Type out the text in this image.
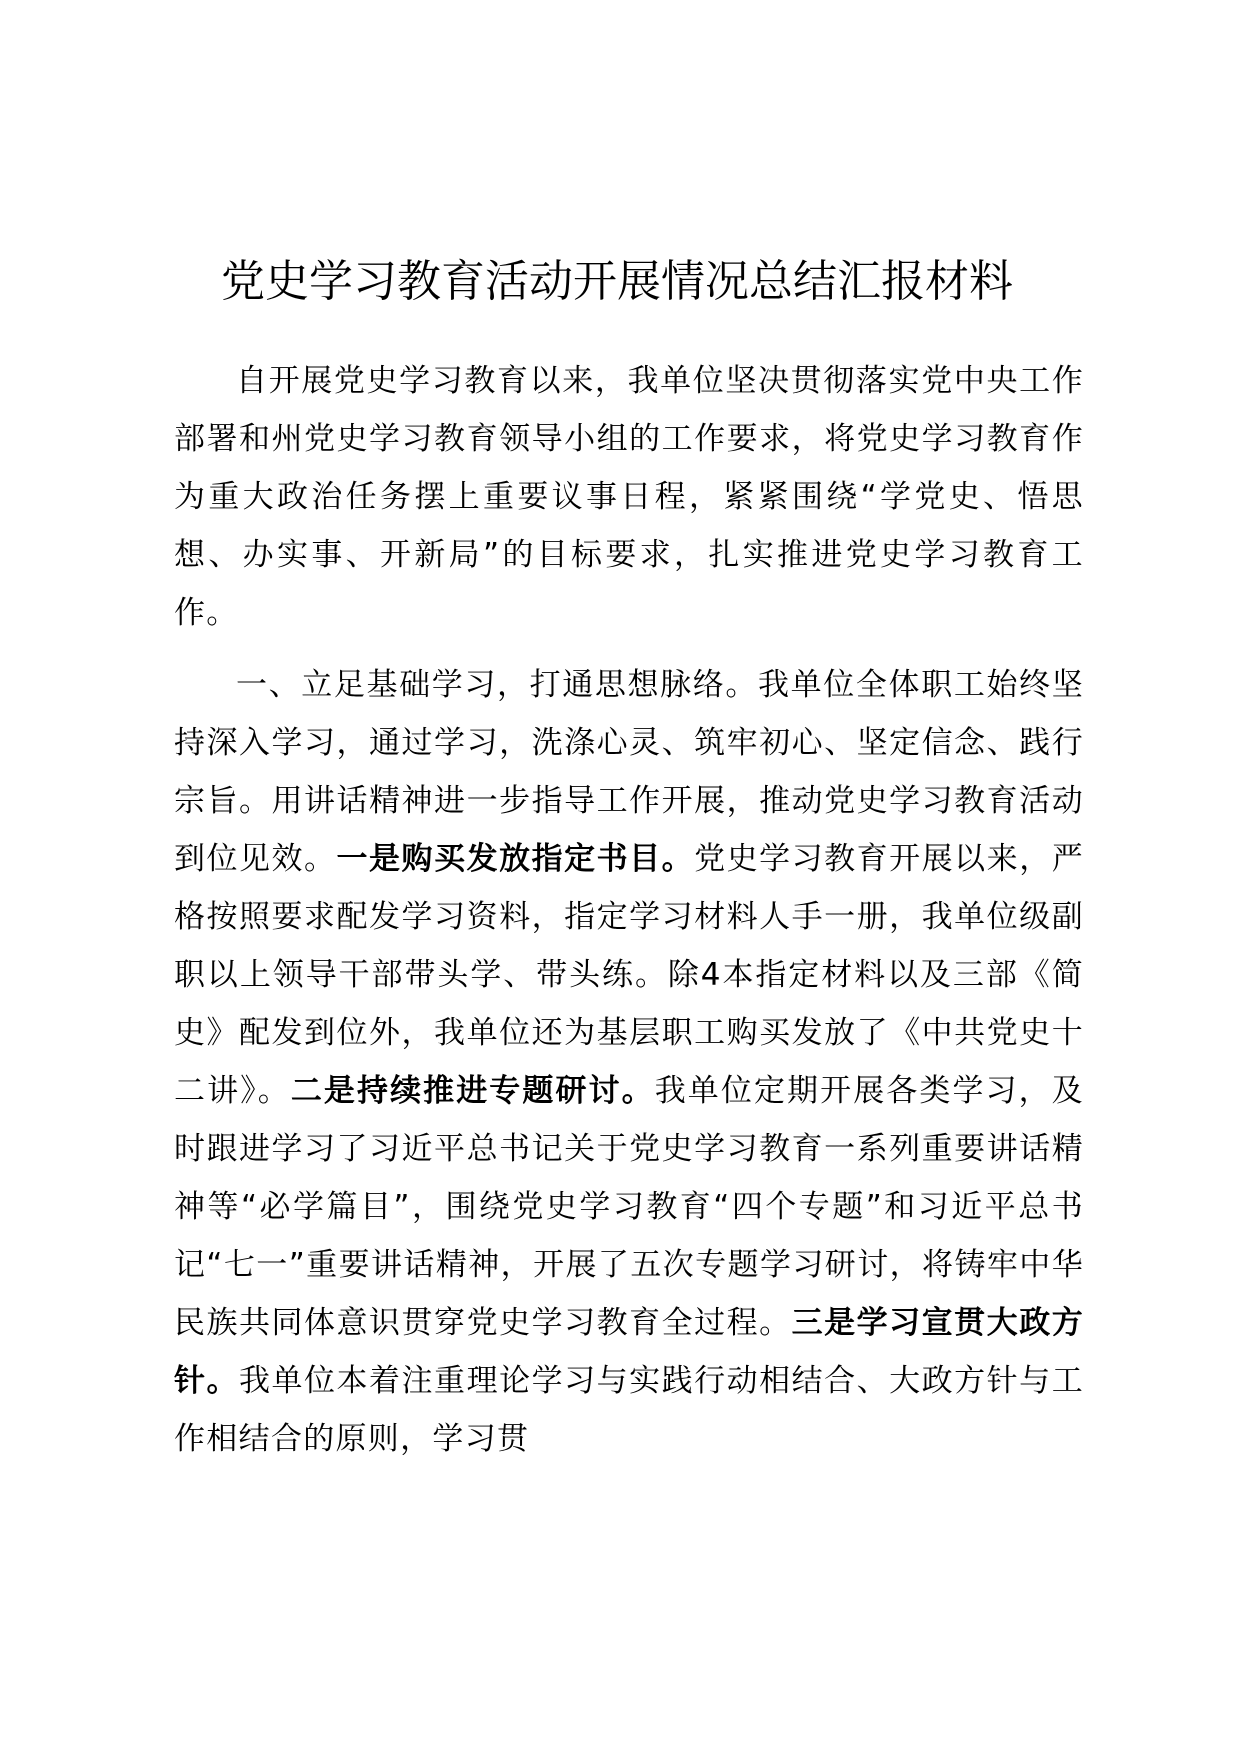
党史学习教育活动开展情况总结汇报材料

自开展党史学习教育以来，我单位坚决贯彻落实党中央工作部署和州党史学习教育领导小组的工作要求，将党史学习教育作为重大政治任务摆上重要议事日程，紧紧围绕“学党史、悟思想、办实事、开新局”的目标要求，扎实推进党史学习教育工作。

一、立足基础学习，打通思想脉络。我单位全体职工始终坚持深入学习，通过学习，洗涤心灵、筑牢初心、坚定信念、践行宗旨。用讲话精神进一步指导工作开展，推动党史学习教育活动到位见效。一是购买发放指定书目。党史学习教育开展以来，严格按照要求配发学习资料，指定学习材料人手一册，我单位级副职以上领导干部带头学、带头练。除4本指定材料以及三部《简史》配发到位外，我单位还为基层职工购买发放了《中共党史十二讲》。二是持续推进专题研讨。我单位定期开展各类学习，及时跟进学习了习近平总书记关于党史学习教育一系列重要讲话精神等“必学篇目”，围绕党史学习教育“四个专题”和习近平总书记“七一”重要讲话精神，开展了五次专题学习研讨，将铸牢中华民族共同体意识贯穿党史学习教育全过程。三是学习宣贯大政方针。我单位本着注重理论学习与实践行动相结合、大政方针与工作相结合的原则，学习贯
